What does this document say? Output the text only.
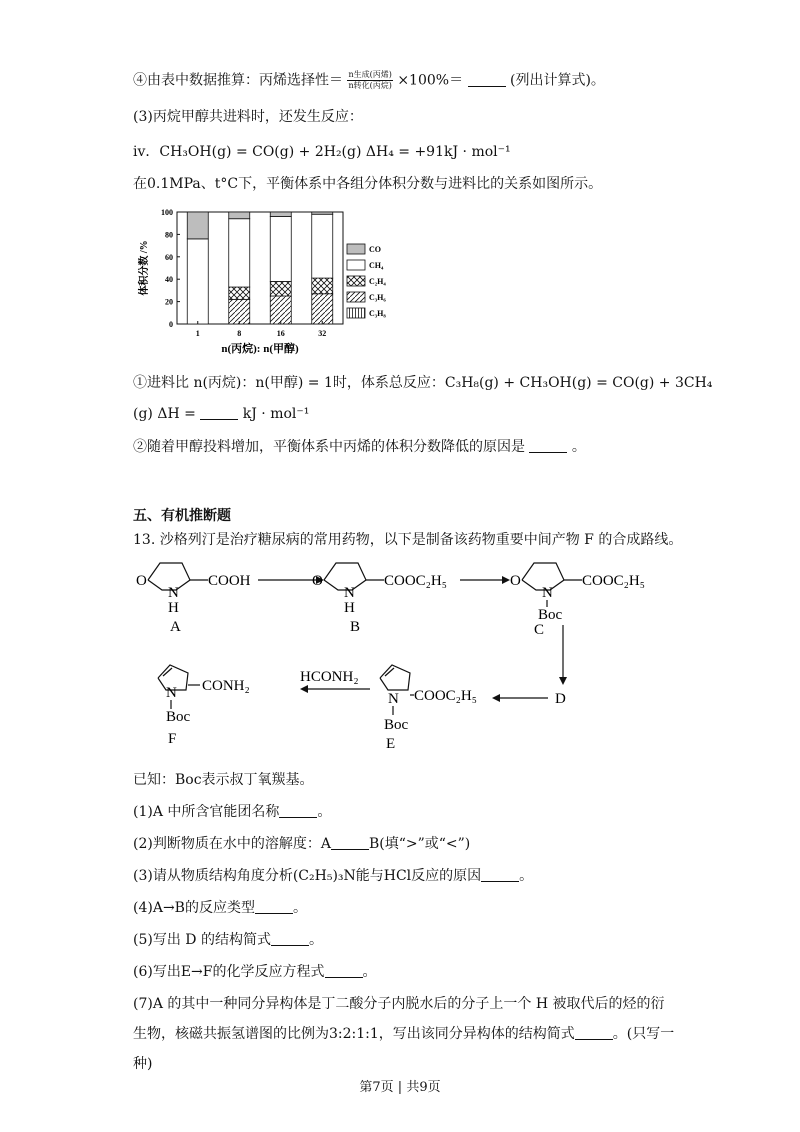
④由表中数据推算：丙烯选择性＝ $\frac{\text{n生成(丙烯)}}{\text{n转化(丙烷)}} \times 100\%=$	(列出计算式)。
(3)丙烷甲醇共进料时，还发生反应：
iv．CH₃OH(g) = CO(g) + 2H₂(g) ΔH₄ = +91kJ · mol⁻¹
在0.1MPa、t°C下，平衡体系中各组分体积分数与进料比的关系如图所示。
0
20
40
60
80
100
1	8	16	32
体积分数 /%
n(丙烷): n(甲醇)
CO
CH₄
C₂H₄
C₃H₆
C₃H₈
①进料比 n(丙烷)：n(甲醇) = 1时，体系总反应：C₃H₈(g) + CH₃OH(g) = CO(g) + 3CH₄
(g) ΔH =	kJ · mol⁻¹
②随着甲醇投料增加，平衡体系中丙烯的体积分数降低的原因是	。
五、有机推断题
13. 沙格列汀是治疗糖尿病的常用药物，以下是制备该药物重要中间产物 F 的合成路线。
O
N
H
COOH
A
O
N
H
COOC₂H₅
B
O
N
Boc
COOC₂H₅
C
D
N
Boc
COOC₂H₅
E
HCONH₂
N
Boc
CONH₂
F
已知：Boc表示叔丁氧羰基。
(1)A 中所含官能团名称	。
(2)判断物质在水中的溶解度：A	B(填“>”或“<”)
(3)请从物质结构角度分析(C₂H₅)₃N能与HCl反应的原因	。
(4)A→B的反应类型	。
(5)写出 D 的结构简式	。
(6)写出E→F的化学反应方程式	。
(7)A 的其中一种同分异构体是丁二酸分子内脱水后的分子上一个 H 被取代后的烃的衍
生物，核磁共振氢谱图的比例为3:2:1:1，写出该同分异构体的结构简式	。(只写一
种)
第7页 | 共9页
